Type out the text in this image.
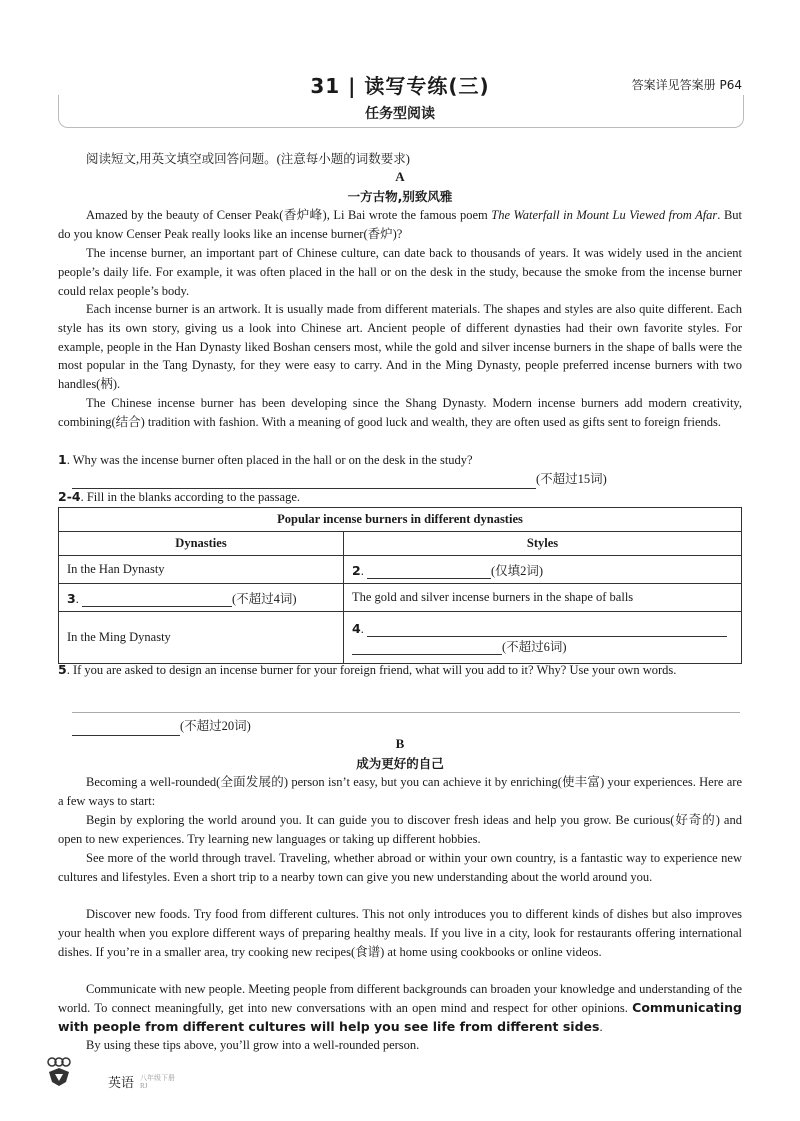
31 | 读写专练(三)	答案详见答案册 P64
任务型阅读
阅读短文,用英文填空或回答问题。(注意每小题的词数要求)
A
一方古物,别致风雅
Amazed by the beauty of Censer Peak(香炉峰), Li Bai wrote the famous poem The Waterfall in Mount Lu Viewed from Afar. But do you know Censer Peak really looks like an incense burner(香炉)?
The incense burner, an important part of Chinese culture, can date back to thousands of years. It was widely used in the ancient people’s daily life. For example, it was often placed in the hall or on the desk in the study, because the smoke from the incense burner could relax people’s body.
Each incense burner is an artwork. It is usually made from different materials. The shapes and styles are also quite different. Each style has its own story, giving us a look into Chinese art. Ancient people of different dynasties had their own favorite styles. For example, people in the Han Dynasty liked Boshan censers most, while the gold and silver incense burners in the shape of balls were the most popular in the Tang Dynasty, for they were easy to carry. And in the Ming Dynasty, people preferred incense burners with two handles(柄).
The Chinese incense burner has been developing since the Shang Dynasty. Modern incense burners add modern creativity, combining(结合) tradition with fashion. With a meaning of good luck and wealth, they are often used as gifts sent to foreign friends.
1. Why was the incense burner often placed in the hall or on the desk in the study?
(不超过15词)
2-4. Fill in the blanks according to the passage.
Popular incense burners in different dynasties	
Dynasties	Styles
In the Han Dynasty	2. (仅填2词)
3. (不超过4词)	The gold and silver incense burners in the shape of balls
In the Ming Dynasty	4.
(不超过6词)
5. If you are asked to design an incense burner for your foreign friend, what will you add to it? Why? Use your own words.
(不超过20词)
B
成为更好的自己
Becoming a well-rounded(全面发展的) person isn’t easy, but you can achieve it by enriching(使丰富) your experiences. Here are a few ways to start:
Begin by exploring the world around you. It can guide you to discover fresh ideas and help you grow. Be curious(好奇的) and open to new experiences. Try learning new languages or taking up different hobbies.
See more of the world through travel. Traveling, whether abroad or within your own country, is a fantastic way to experience new cultures and lifestyles. Even a short trip to a nearby town can give you new understanding about the world around you.
Discover new foods. Try food from different cultures. This not only introduces you to different kinds of dishes but also improves your health when you explore different ways of preparing healthy meals. If you live in a city, look for restaurants offering international dishes. If you’re in a smaller area, try cooking new recipes(食谱) at home using cookbooks or online videos.
Communicate with new people. Meeting people from different backgrounds can broaden your knowledge and understanding of the world. To connect meaningfully, get into new conversations with an open mind and respect for other opinions. Communicating with people from different cultures will help you see life from different sides.
By using these tips above, you’ll grow into a well-rounded person.
英语 八年级下册
RJ
